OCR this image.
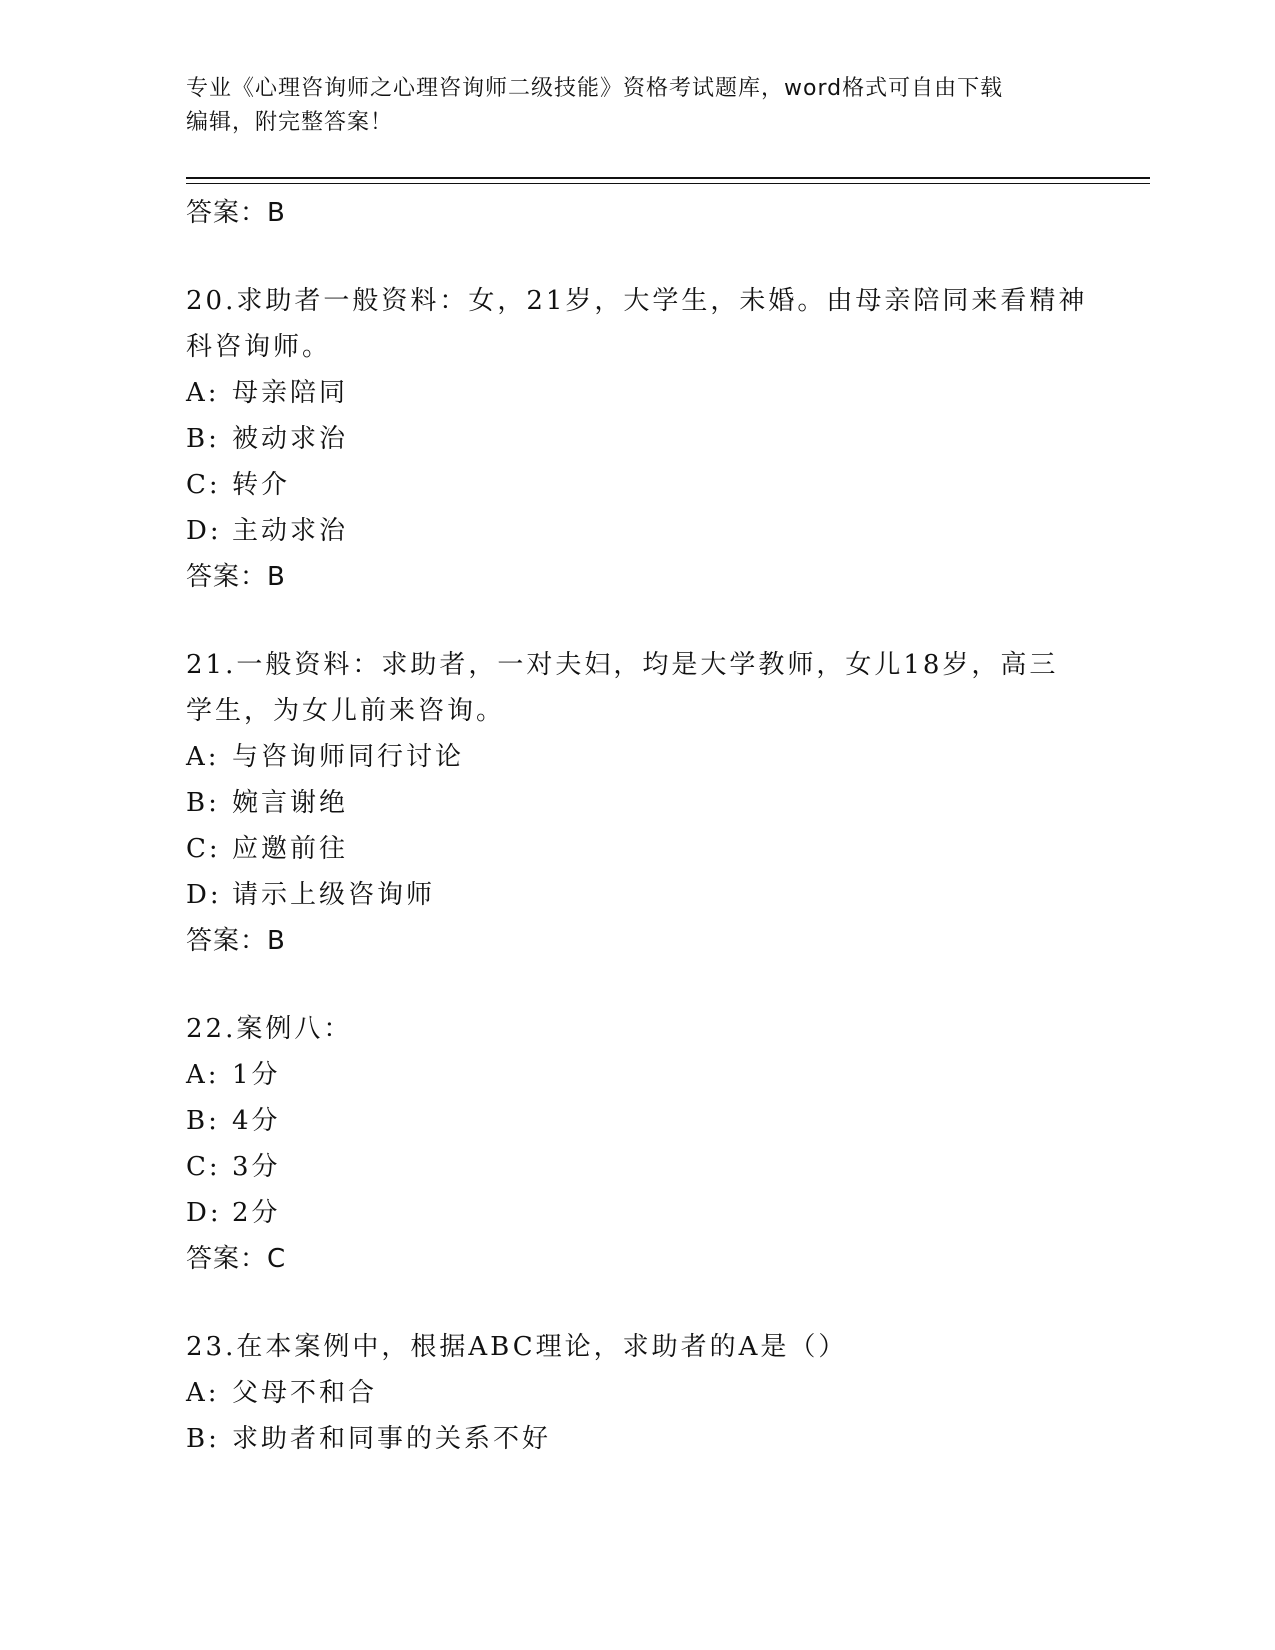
专业《心理咨询师之心理咨询师二级技能》资格考试题库，word格式可自由下载
编辑，附完整答案！
答案：B
20.求助者一般资料：女，21岁，大学生，未婚。由母亲陪同来看精神
科咨询师。
A: 母亲陪同
B: 被动求治
C: 转介
D: 主动求治
答案：B
21.一般资料：求助者，一对夫妇，均是大学教师，女儿18岁，高三
学生，为女儿前来咨询。
A: 与咨询师同行讨论
B: 婉言谢绝
C: 应邀前往
D: 请示上级咨询师
答案：B
22.案例八：
A: 1分
B: 4分
C: 3分
D: 2分
答案：C
23.在本案例中，根据ABC理论，求助者的A是（）
A: 父母不和合
B: 求助者和同事的关系不好
